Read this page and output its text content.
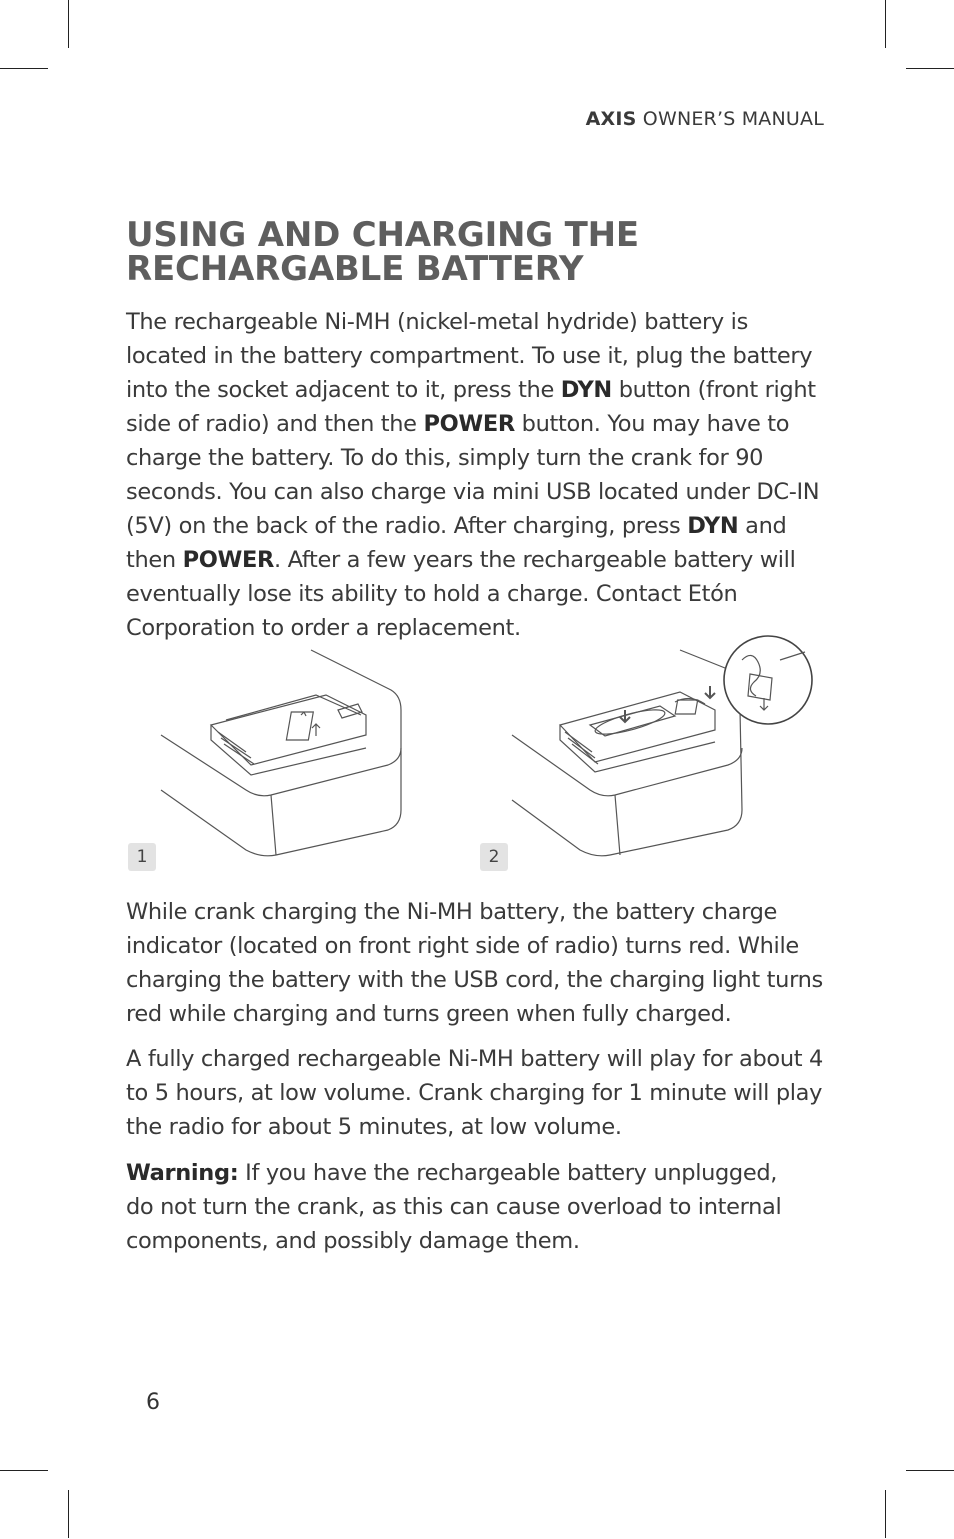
AXIS OWNER’S MANUAL
USING AND CHARGING THE
RECHARGABLE BATTERY

The rechargeable Ni-MH (nickel-metal hydride) battery is located in the battery compartment. To use it, plug the battery into the socket adjacent to it, press the DYN button (front right side of radio) and then the POWER button. You may have to charge the battery. To do this, simply turn the crank for 90 seconds. You can also charge via mini USB located under DC-IN (5V) on the back of the radio. After charging, press DYN and then POWER. After a few years the rechargeable battery will eventually lose its ability to hold a charge. Contact Etón Corporation to order a replacement.

1	2

While crank charging the Ni-MH battery, the battery charge indicator (located on front right side of radio) turns red. While charging the battery with the USB cord, the charging light turns red while charging and turns green when fully charged.

A fully charged rechargeable Ni-MH battery will play for about 4 to 5 hours, at low volume. Crank charging for 1 minute will play the radio for about 5 minutes, at low volume.

Warning: If you have the rechargeable battery unplugged, do not turn the crank, as this can cause overload to internal components, and possibly damage them.

6
